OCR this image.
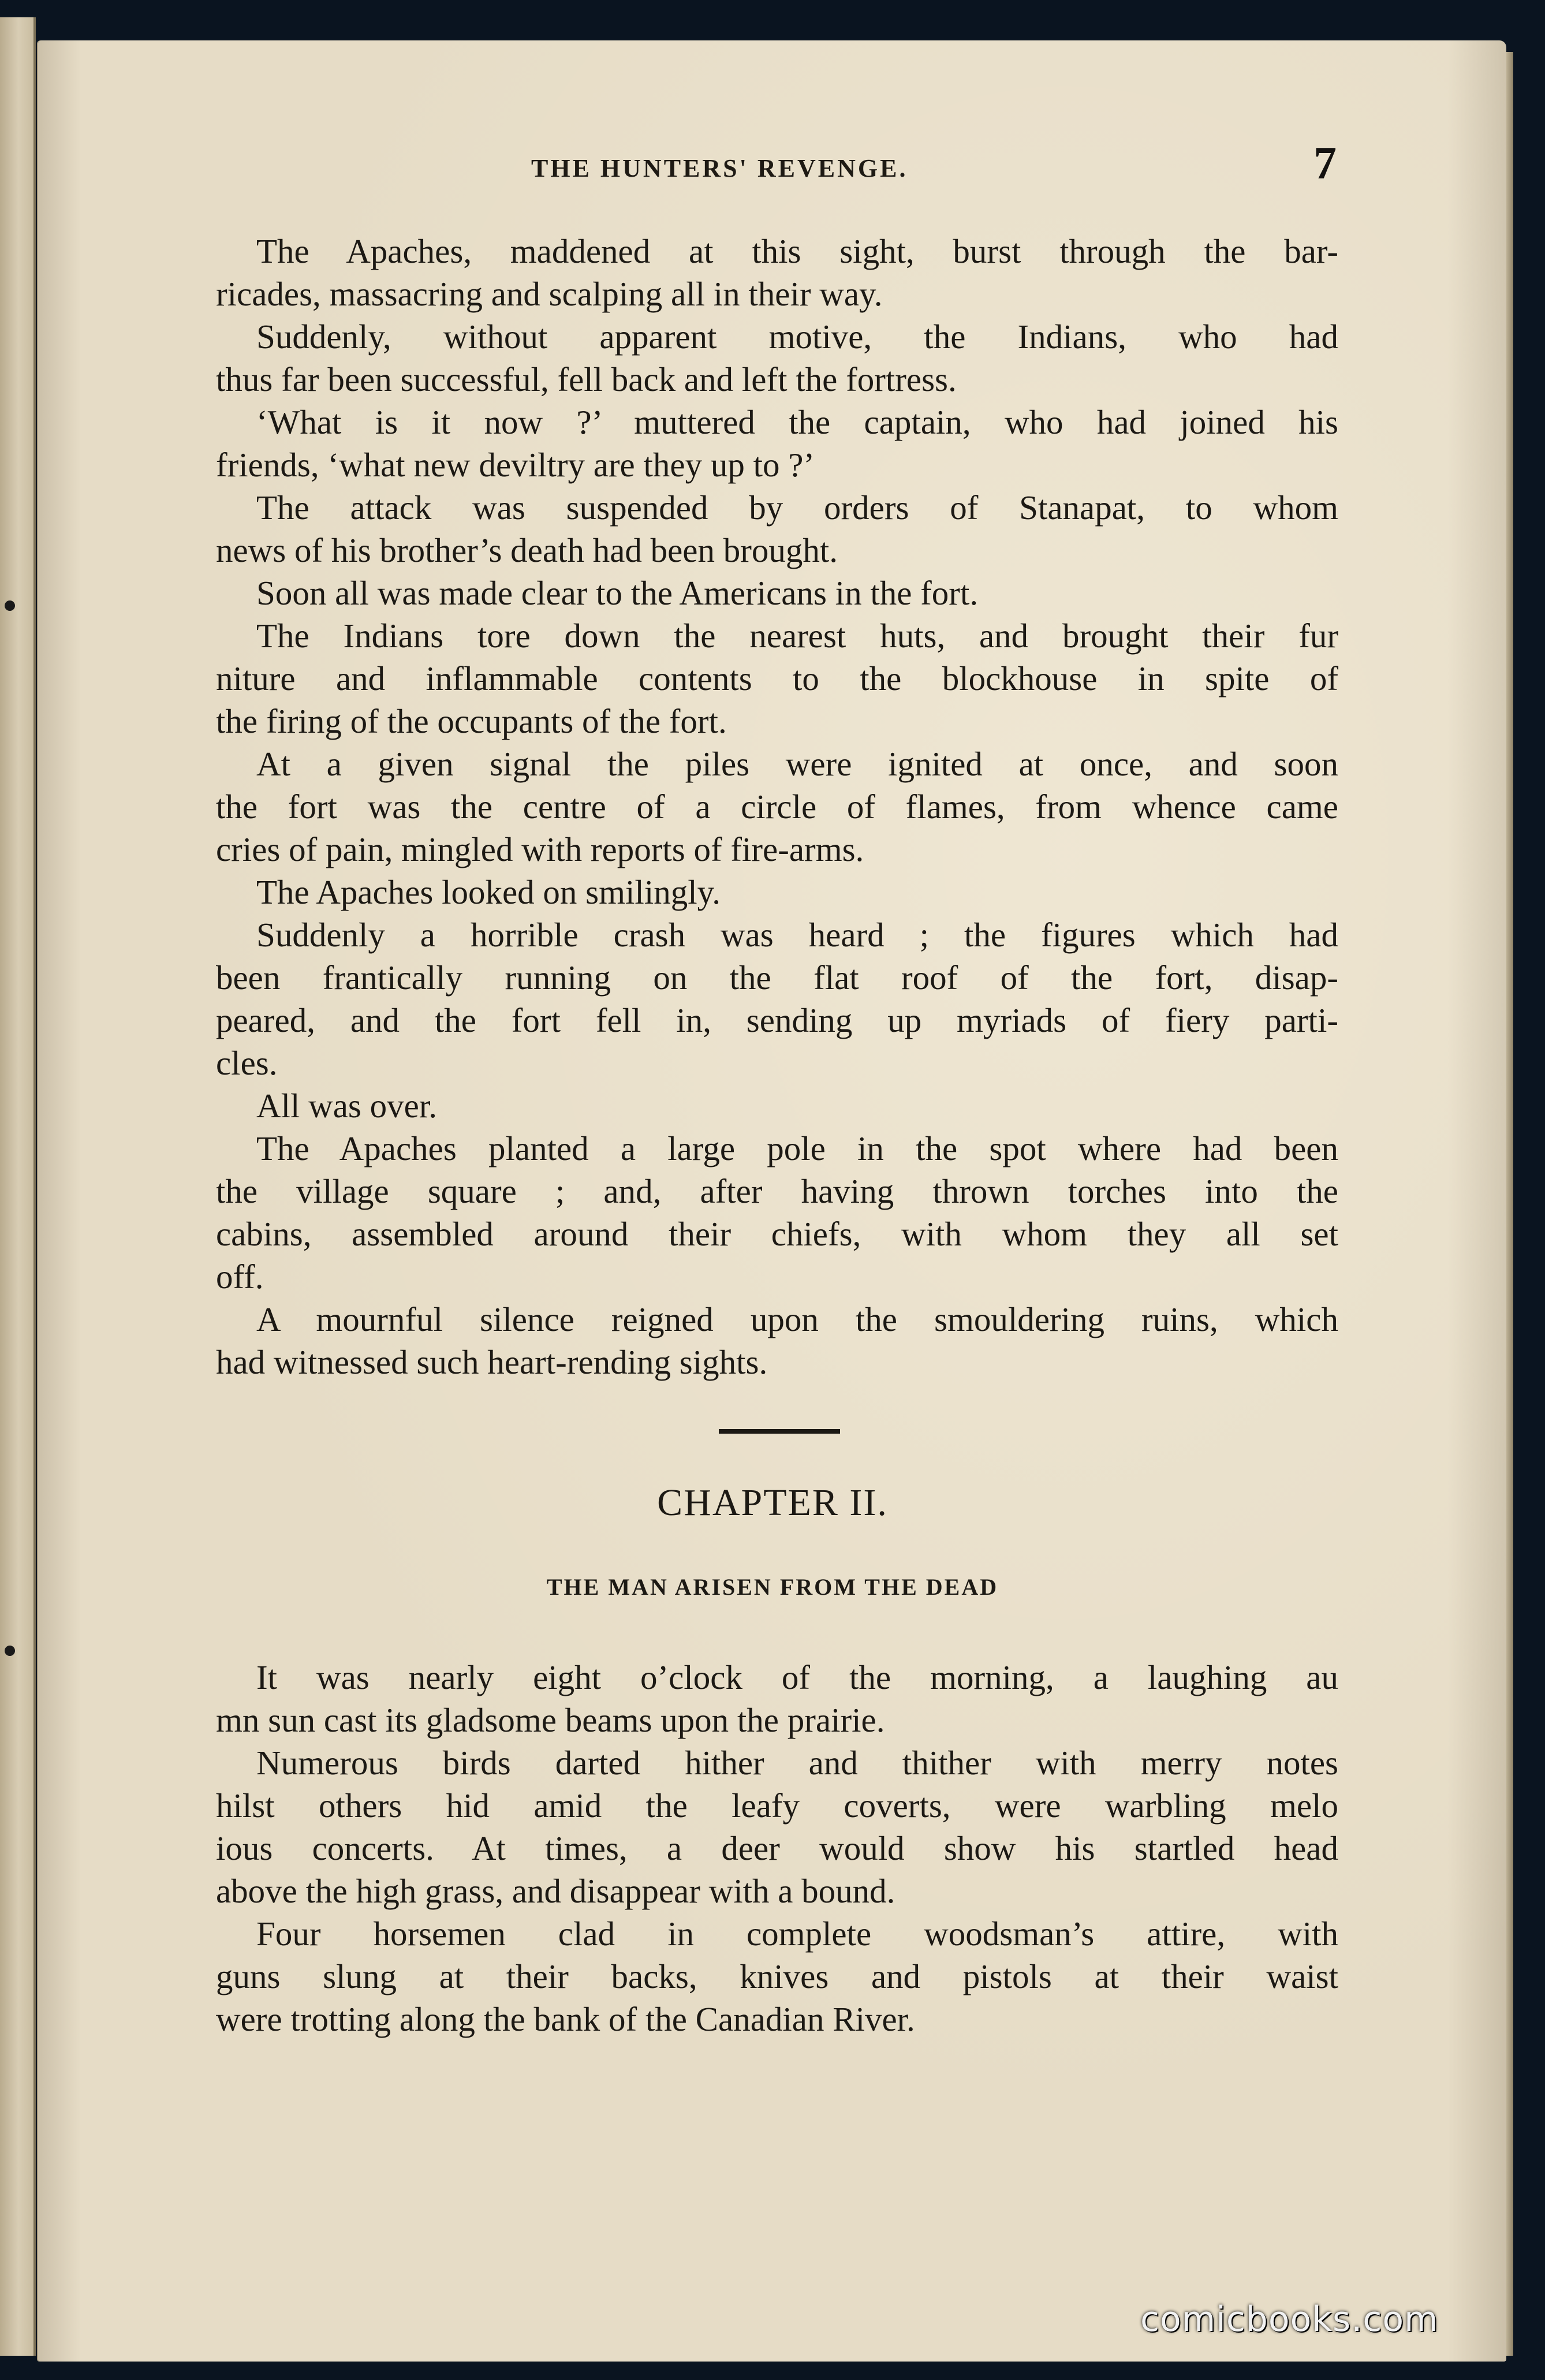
THE HUNTERS' REVENGE.	7
The Apaches, maddened at this sight, burst through the bar-
ricades, massacring and scalping all in their way.
Suddenly, without apparent motive, the Indians, who had
thus far been successful, fell back and left the fortress.
‘What is it now ?’ muttered the captain, who had joined his
friends, ‘what new deviltry are they up to ?’
The attack was suspended by orders of Stanapat, to whom
news of his brother’s death had been brought.
Soon all was made clear to the Americans in the fort.
The Indians tore down the nearest huts, and brought their fur
niture and inflammable contents to the blockhouse in spite of
the firing of the occupants of the fort.
At a given signal the piles were ignited at once, and soon
the fort was the centre of a circle of flames, from whence came
cries of pain, mingled with reports of fire-arms.
The Apaches looked on smilingly.
Suddenly a horrible crash was heard ; the figures which had
been frantically running on the flat roof of the fort, disap-
peared, and the fort fell in, sending up myriads of fiery parti-
cles.
All was over.
The Apaches planted a large pole in the spot where had been
the village square ; and, after having thrown torches into the
cabins, assembled around their chiefs, with whom they all set
off.
A mournful silence reigned upon the smouldering ruins, which
had witnessed such heart-rending sights.
CHAPTER II.
THE MAN ARISEN FROM THE DEAD
It was nearly eight o’clock of the morning, a laughing au
mn sun cast its gladsome beams upon the prairie.
Numerous birds darted hither and thither with merry notes
hilst others hid amid the leafy coverts, were warbling melo
ious concerts. At times, a deer would show his startled head
above the high grass, and disappear with a bound.
Four horsemen clad in complete woodsman’s attire, with
guns slung at their backs, knives and pistols at their waist
were trotting along the bank of the Canadian River.
comicbooks.com
